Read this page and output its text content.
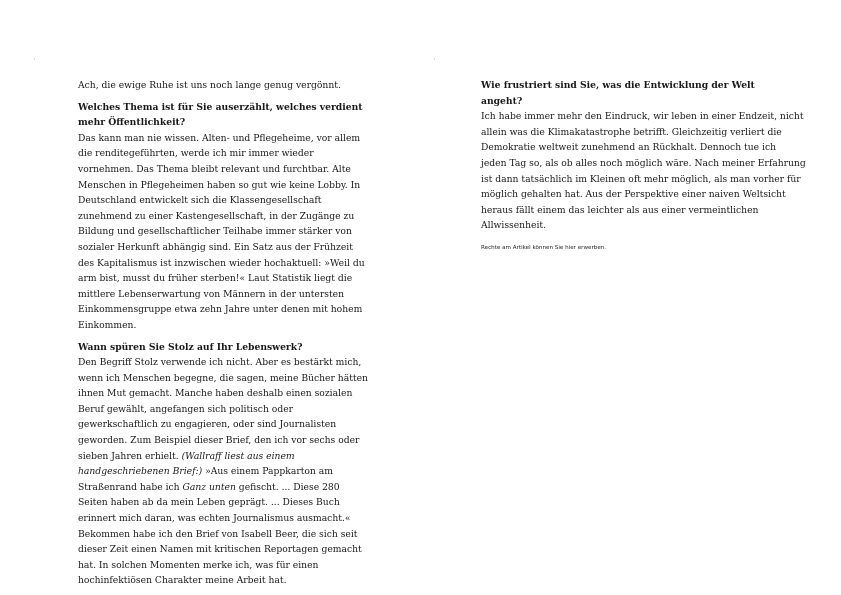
Ach, die ewige Ruhe ist uns noch lange genug vergönnt.

Welches Thema ist für Sie auserzählt, welches verdient mehr Öffentlichkeit?

Das kann man nie wissen. Alten- und Pflegeheime, vor allem die renditegeführten, werde ich mir immer wieder vornehmen. Das Thema bleibt relevant und furchtbar. Alte Menschen in Pflegeheimen haben so gut wie keine Lobby. In Deutschland entwickelt sich die Klassengesellschaft zunehmend zu einer Kastengesellschaft, in der Zugänge zu Bildung und gesellschaftlicher Teilhabe immer stärker von sozialer Herkunft abhängig sind. Ein Satz aus der Frühzeit des Kapitalismus ist inzwischen wieder hochaktuell: »Weil du arm bist, musst du früher sterben!« Laut Statistik liegt die mittlere Lebenserwartung von Männern in der untersten Einkommensgruppe etwa zehn Jahre unter denen mit hohem Einkommen.

Wann spüren Sie Stolz auf Ihr Lebenswerk?

Den Begriff Stolz verwende ich nicht. Aber es bestärkt mich, wenn ich Menschen begegne, die sagen, meine Bücher hätten ihnen Mut gemacht. Manche haben deshalb einen sozialen Beruf gewählt, angefangen sich politisch oder gewerkschaftlich zu engagieren, oder sind Journalisten geworden. Zum Beispiel dieser Brief, den ich vor sechs oder sieben Jahren erhielt. (Wallraff liest aus einem handgeschriebenen Brief:) »Aus einem Pappkarton am Straßenrand habe ich Ganz unten gefischt. ... Diese 280 Seiten haben ab da mein Leben geprägt. ... Dieses Buch erinnert mich daran, was echten Journalismus ausmacht.« Bekommen habe ich den Brief von Isabell Beer, die sich seit dieser Zeit einen Namen mit kritischen Reportagen gemacht hat. In solchen Momenten merke ich, was für einen hochinfektiösen Charakter meine Arbeit hat.

Wie frustriert sind Sie, was die Entwicklung der Welt angeht?

Ich habe immer mehr den Eindruck, wir leben in einer Endzeit, nicht
allein was die Klimakatastrophe betrifft. Gleichzeitig verliert die
Demokratie weltweit zunehmend an Rückhalt. Dennoch tue ich
jeden Tag so, als ob alles noch möglich wäre. Nach meiner Erfahrung
ist dann tatsächlich im Kleinen oft mehr möglich, als man vorher für
möglich gehalten hat. Aus der Perspektive einer naiven Weltsicht
heraus fällt einem das leichter als aus einer vermeintlichen
Allwissenheit.

Rechte am Artikel können Sie hier erwerben.
